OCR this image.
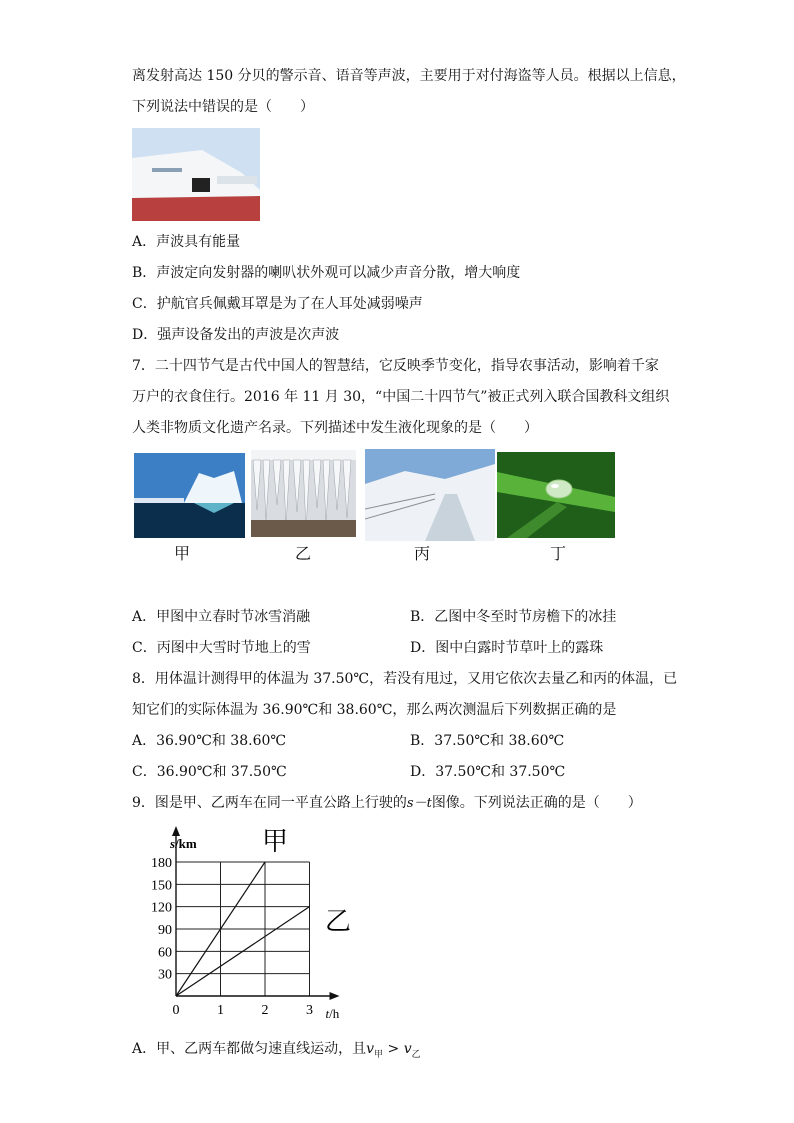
离发射高达 150 分贝的警示音、语音等声波，主要用于对付海盗等人员。根据以上信息，
下列说法中错误的是（　　）
A．声波具有能量
B．声波定向发射器的喇叭状外观可以减少声音分散，增大响度
C．护航官兵佩戴耳罩是为了在人耳处减弱噪声
D．强声设备发出的声波是次声波
7．二十四节气是古代中国人的智慧结，它反映季节变化，指导农事活动，影响着千家
万户的衣食住行。2016 年 11 月 30，“中国二十四节气”被正式列入联合国教科文组织
人类非物质文化遗产名录。下列描述中发生液化现象的是（　　）
甲	乙	丙	丁
A．甲图中立春时节冰雪消融	B．乙图中冬至时节房檐下的冰挂
C．丙图中大雪时节地上的雪	D．图中白露时节草叶上的露珠
8．用体温计测得甲的体温为 37.50℃，若没有甩过，又用它依次去量乙和丙的体温，已
知它们的实际体温为 36.90℃和 38.60℃，那么两次测温后下列数据正确的是
A．36.90℃和 38.60℃	B．37.50℃和 38.60℃
C．36.90℃和 37.50℃	D．37.50℃和 37.50℃
9．图是甲、乙两车在同一平直公路上行驶的s－t图像。下列说法正确的是（　　）
0	1	2	3
30
60
90
120
150
180
s/km
t/h
甲
乙
A．甲、乙两车都做匀速直线运动，且$v_甲 > v_乙$
